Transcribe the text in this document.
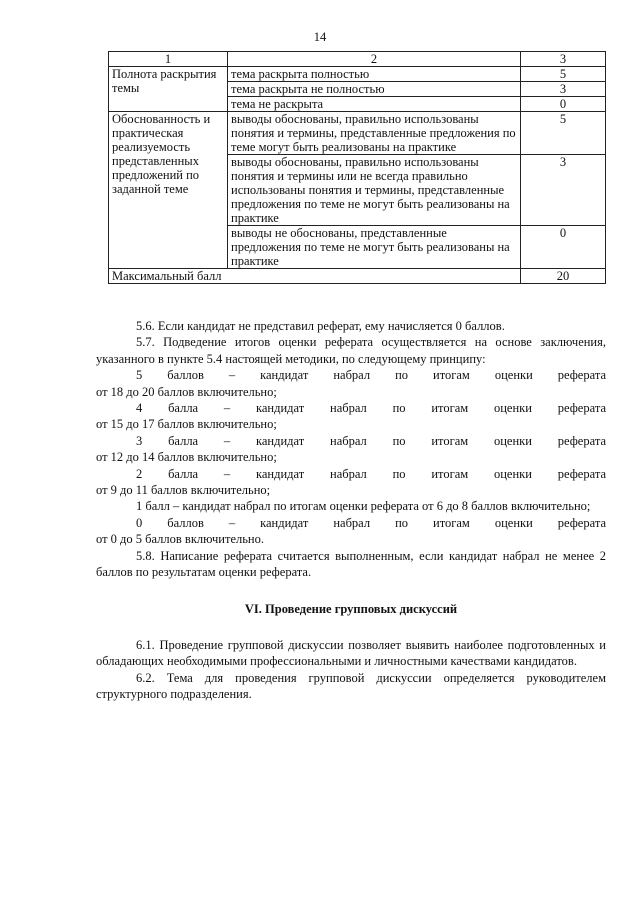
14
1	2	3
Полнота раскрытия темы	тема раскрыта полностью	5
	тема раскрыта не полностью	3
	тема не раскрыта	0
Обоснованность и практическая реализуемость представленных предложений по заданной теме	выводы обоснованы, правильно использованы понятия и термины, представленные предложения по теме могут быть реализованы на практике	5
	выводы обоснованы, правильно использованы понятия и термины или не всегда правильно использованы понятия и термины, представленные предложения по теме не могут быть реализованы на практике	3
	выводы не обоснованы, представленные предложения по теме не могут быть реализованы на практике	0
Максимальный балл		20

5.6. Если кандидат не представил реферат, ему начисляется 0 баллов.

5.7. Подведение итогов оценки реферата осуществляется на основе заключения, указанного в пункте 5.4 настоящей методики, по следующему принципу:

5 баллов – кандидат набрал по итогам оценки реферата

от 18 до 20 баллов включительно;

4 балла – кандидат набрал по итогам оценки реферата

от 15 до 17 баллов включительно;

3 балла – кандидат набрал по итогам оценки реферата

от 12 до 14 баллов включительно;

2 балла – кандидат набрал по итогам оценки реферата

от 9 до 11 баллов включительно;

1 балл – кандидат набрал по итогам оценки реферата от 6 до 8 баллов включительно;

0 баллов – кандидат набрал по итогам оценки реферата

от 0 до 5 баллов включительно.

5.8. Написание реферата считается выполненным, если кандидат набрал не менее 2 баллов по результатам оценки реферата.

VI. Проведение групповых дискуссий

6.1. Проведение групповой дискуссии позволяет выявить наиболее подготовленных и обладающих необходимыми профессиональными и личностными качествами кандидатов.

6.2. Тема для проведения групповой дискуссии определяется руководителем структурного подразделения.
